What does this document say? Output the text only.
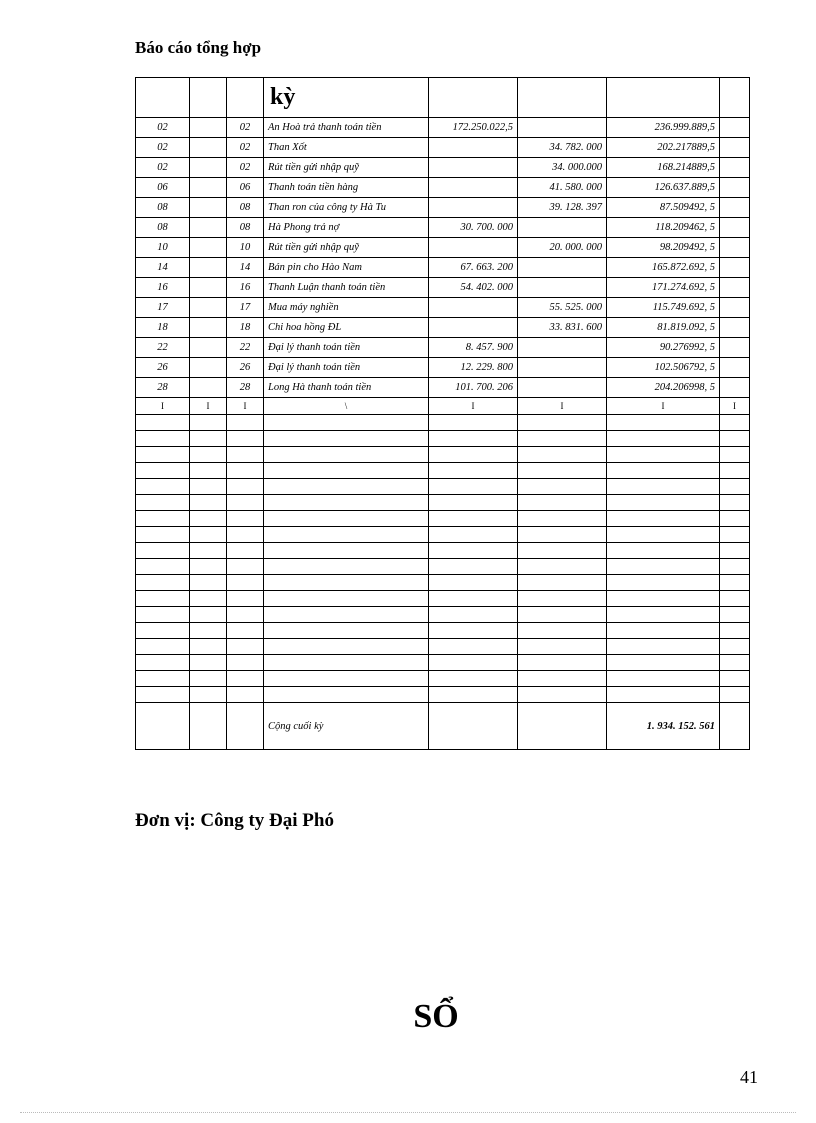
Báo cáo tổng hợp
			kỳ				
02		02	An Hoà trả thanh toán tiền	172.250.022,5		236.999.889,5	
02		02	Than Xốt		34. 782. 000	202.217889,5	
02		02	Rút tiền gửi nhập quỹ		34. 000.000	168.214889,5	
06		06	Thanh toán tiền hàng		41. 580. 000	126.637.889,5	
08		08	Than ron của công ty Hà Tu		39. 128. 397	87.509492, 5	
08		08	Hà Phong trả nợ	30. 700. 000		118.209462, 5	
10		10	Rút tiền gửi nhập quỹ		20. 000. 000	98.209492, 5	
14		14	Bán pin cho Hào Nam	67. 663. 200		165.872.692, 5	
16		16	Thanh Luận thanh toán tiền	54. 402. 000		171.274.692, 5	
17		17	Mua máy nghiền		55. 525. 000	115.749.692, 5	
18		18	Chi hoa hồng ĐL		33. 831. 600	81.819.092, 5	
22		22	Đại lý thanh toán tiền	8. 457. 900		90.276992, 5	
26		26	Đại lý thanh toán tiền	12. 229. 800		102.506792, 5	
28		28	Long Hà thanh toán tiền	101. 700. 206		204.206998, 5	
I	I	I	\	I	I	I	I

			Cộng cuối kỳ			1. 934. 152. 561	
Đơn vị: Công ty Đại Phó
SỔ
41
